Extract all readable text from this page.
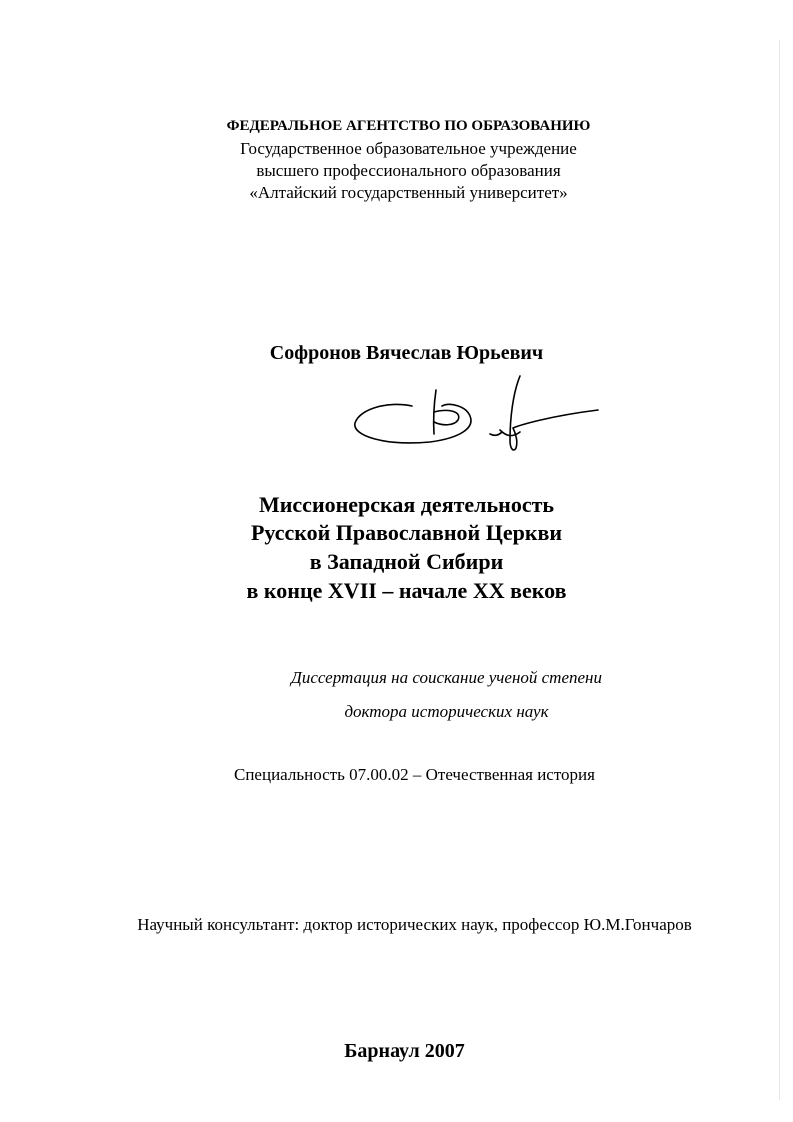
ФЕДЕРАЛЬНОЕ АГЕНТСТВО ПО ОБРАЗОВАНИЮ
Государственное образовательное учреждение
высшего профессионального образования
«Алтайский государственный университет»
Софронов Вячеслав Юрьевич
Миссионерская деятельность
Русской Православной Церкви
в Западной Сибири
в конце XVII – начале XX веков
Диссертация на соискание ученой степени
доктора исторических наук
Специальность 07.00.02 – Отечественная история
Научный консультант: доктор исторических наук, профессор Ю.М.Гончаров
Барнаул 2007
